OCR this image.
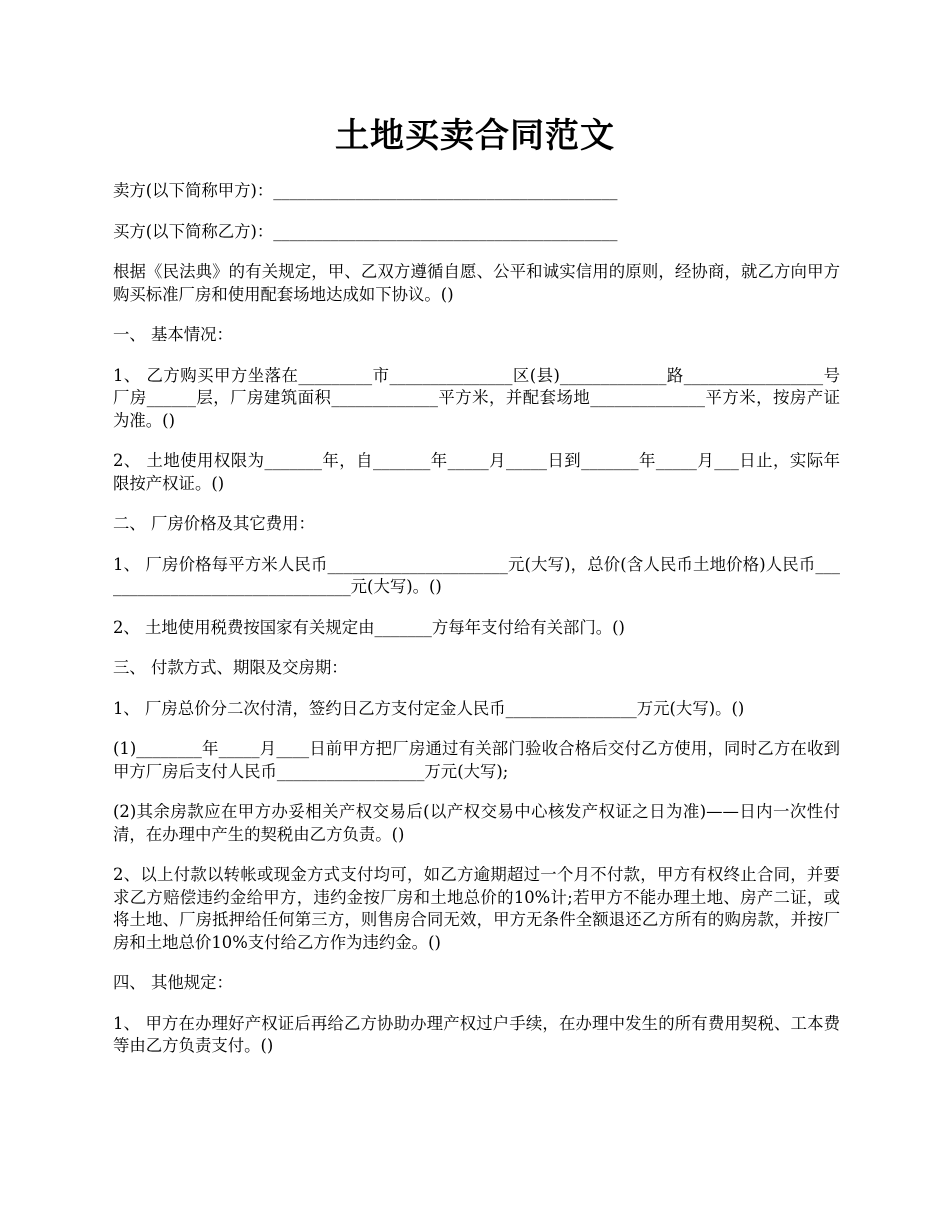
土地买卖合同范文

卖方(以下简称甲方)：__________________________________________

买方(以下简称乙方)：__________________________________________

根据《民法典》的有关规定，甲、乙双方遵循自愿、公平和诚实信用的原则，经协商，就乙方向甲方购买标准厂房和使用配套场地达成如下协议。()

一、 基本情况：

1、 乙方购买甲方坐落在_________市_______________区(县)_____________路_________________号厂房______层，厂房建筑面积_____________平方米，并配套场地______________平方米，按房产证为准。()

2、 土地使用权限为_______年，自_______年_____月_____日到_______年_____月___日止，实际年限按产权证。()

二、 厂房价格及其它费用：

1、 厂房价格每平方米人民币______________________元(大写)，总价(含人民币土地价格)人民币________________________________元(大写)。()

2、 土地使用税费按国家有关规定由_______方每年支付给有关部门。()

三、 付款方式、期限及交房期：

1、 厂房总价分二次付清，签约日乙方支付定金人民币________________万元(大写)。()

(1)________年_____月____日前甲方把厂房通过有关部门验收合格后交付乙方使用，同时乙方在收到甲方厂房后支付人民币__________________万元(大写);

(2)其余房款应在甲方办妥相关产权交易后(以产权交易中心核发产权证之日为准)——日内一次性付清，在办理中产生的契税由乙方负责。()

2、以上付款以转帐或现金方式支付均可，如乙方逾期超过一个月不付款，甲方有权终止合同，并要求乙方赔偿违约金给甲方，违约金按厂房和土地总价的10%计;若甲方不能办理土地、房产二证，或将土地、厂房抵押给任何第三方，则售房合同无效，甲方无条件全额退还乙方所有的购房款，并按厂房和土地总价10%支付给乙方作为违约金。()

四、 其他规定：

1、 甲方在办理好产权证后再给乙方协助办理产权过户手续，在办理中发生的所有费用契税、工本费等由乙方负责支付。()
